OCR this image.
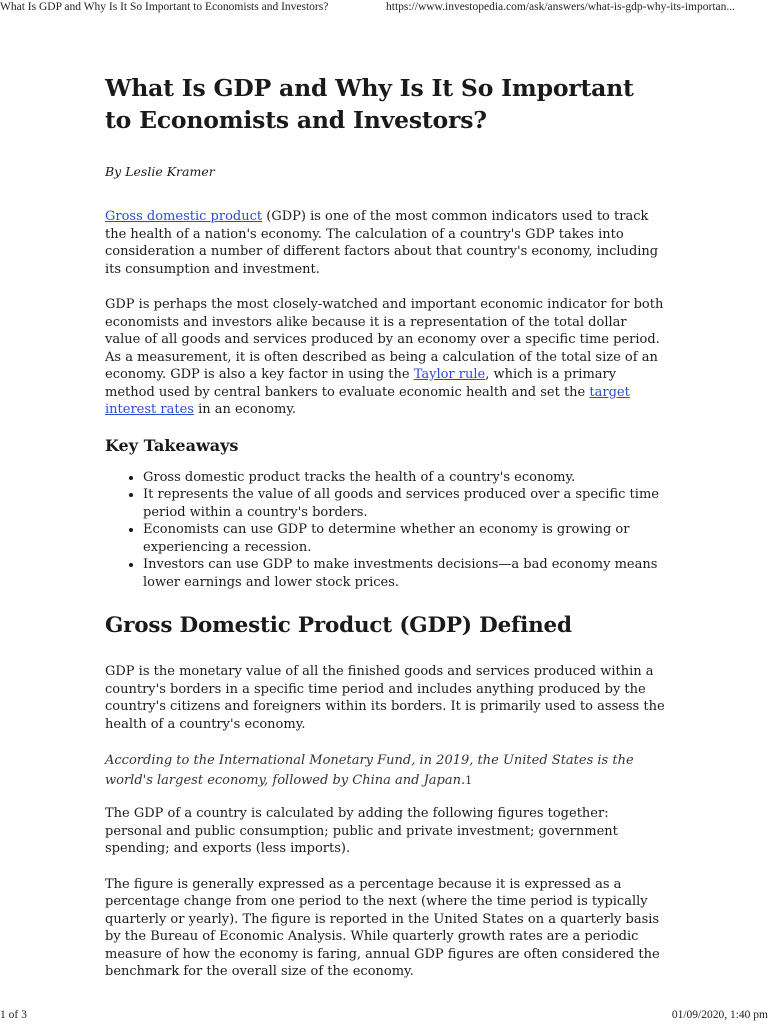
What Is GDP and Why Is It So Important to Economists and Investors?	https://www.investopedia.com/ask/answers/what-is-gdp-why-its-importan...
What Is GDP and Why Is It So Important to Economists and Investors?
By Leslie Kramer

Gross domestic product (GDP) is one of the most common indicators used to track the health of a nation's economy. The calculation of a country's GDP takes into consideration a number of different factors about that country's economy, including its consumption and investment.

GDP is perhaps the most closely-watched and important economic indicator for both economists and investors alike because it is a representation of the total dollar value of all goods and services produced by an economy over a specific time period. As a measurement, it is often described as being a calculation of the total size of an economy. GDP is also a key factor in using the Taylor rule, which is a primary method used by central bankers to evaluate economic health and set the target interest rates in an economy.

Key Takeaways
• Gross domestic product tracks the health of a country's economy.
• It represents the value of all goods and services produced over a specific time period within a country's borders.
• Economists can use GDP to determine whether an economy is growing or experiencing a recession.
• Investors can use GDP to make investments decisions—a bad economy means lower earnings and lower stock prices.
Gross Domestic Product (GDP) Defined

GDP is the monetary value of all the finished goods and services produced within a country's borders in a specific time period and includes anything produced by the country's citizens and foreigners within its borders. It is primarily used to assess the health of a country's economy.

According to the International Monetary Fund, in 2019, the United States is the world's largest economy, followed by China and Japan.1

The GDP of a country is calculated by adding the following figures together: personal and public consumption; public and private investment; government spending; and exports (less imports).

The figure is generally expressed as a percentage because it is expressed as a percentage change from one period to the next (where the time period is typically quarterly or yearly). The figure is reported in the United States on a quarterly basis by the Bureau of Economic Analysis. While quarterly growth rates are a periodic measure of how the economy is faring, annual GDP figures are often considered the benchmark for the overall size of the economy.

1 of 3	01/09/2020, 1:40 pm
